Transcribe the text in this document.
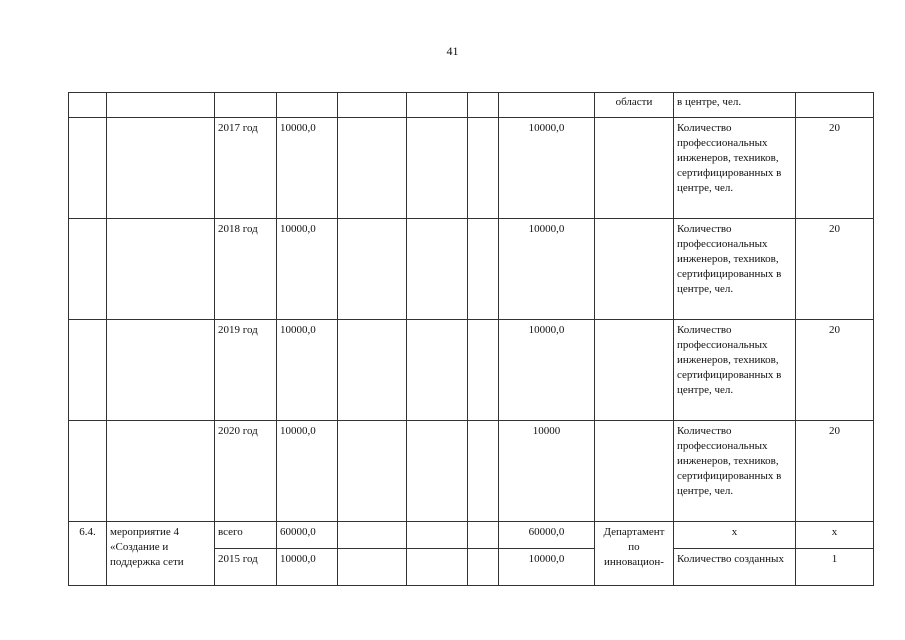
41
								области	в центре, чел.	
		2017 год	10000,0				10000,0		Количество профессиональных инженеров, техников, сертифицированных в центре, чел.	20
		2018 год	10000,0				10000,0		Количество профессиональных инженеров, техников, сертифицированных в центре, чел.	20
		2019 год	10000,0				10000,0		Количество профессиональных инженеров, техников, сертифицированных в центре, чел.	20
		2020 год	10000,0				10000		Количество профессиональных инженеров, техников, сертифицированных в центре, чел.	20
6.4.	мероприятие 4 «Создание и поддержка сети	всего	60000,0				60000,0	Департамент по инновацион-	х	х
		2015 год	10000,0				10000,0		Количество созданных	1
